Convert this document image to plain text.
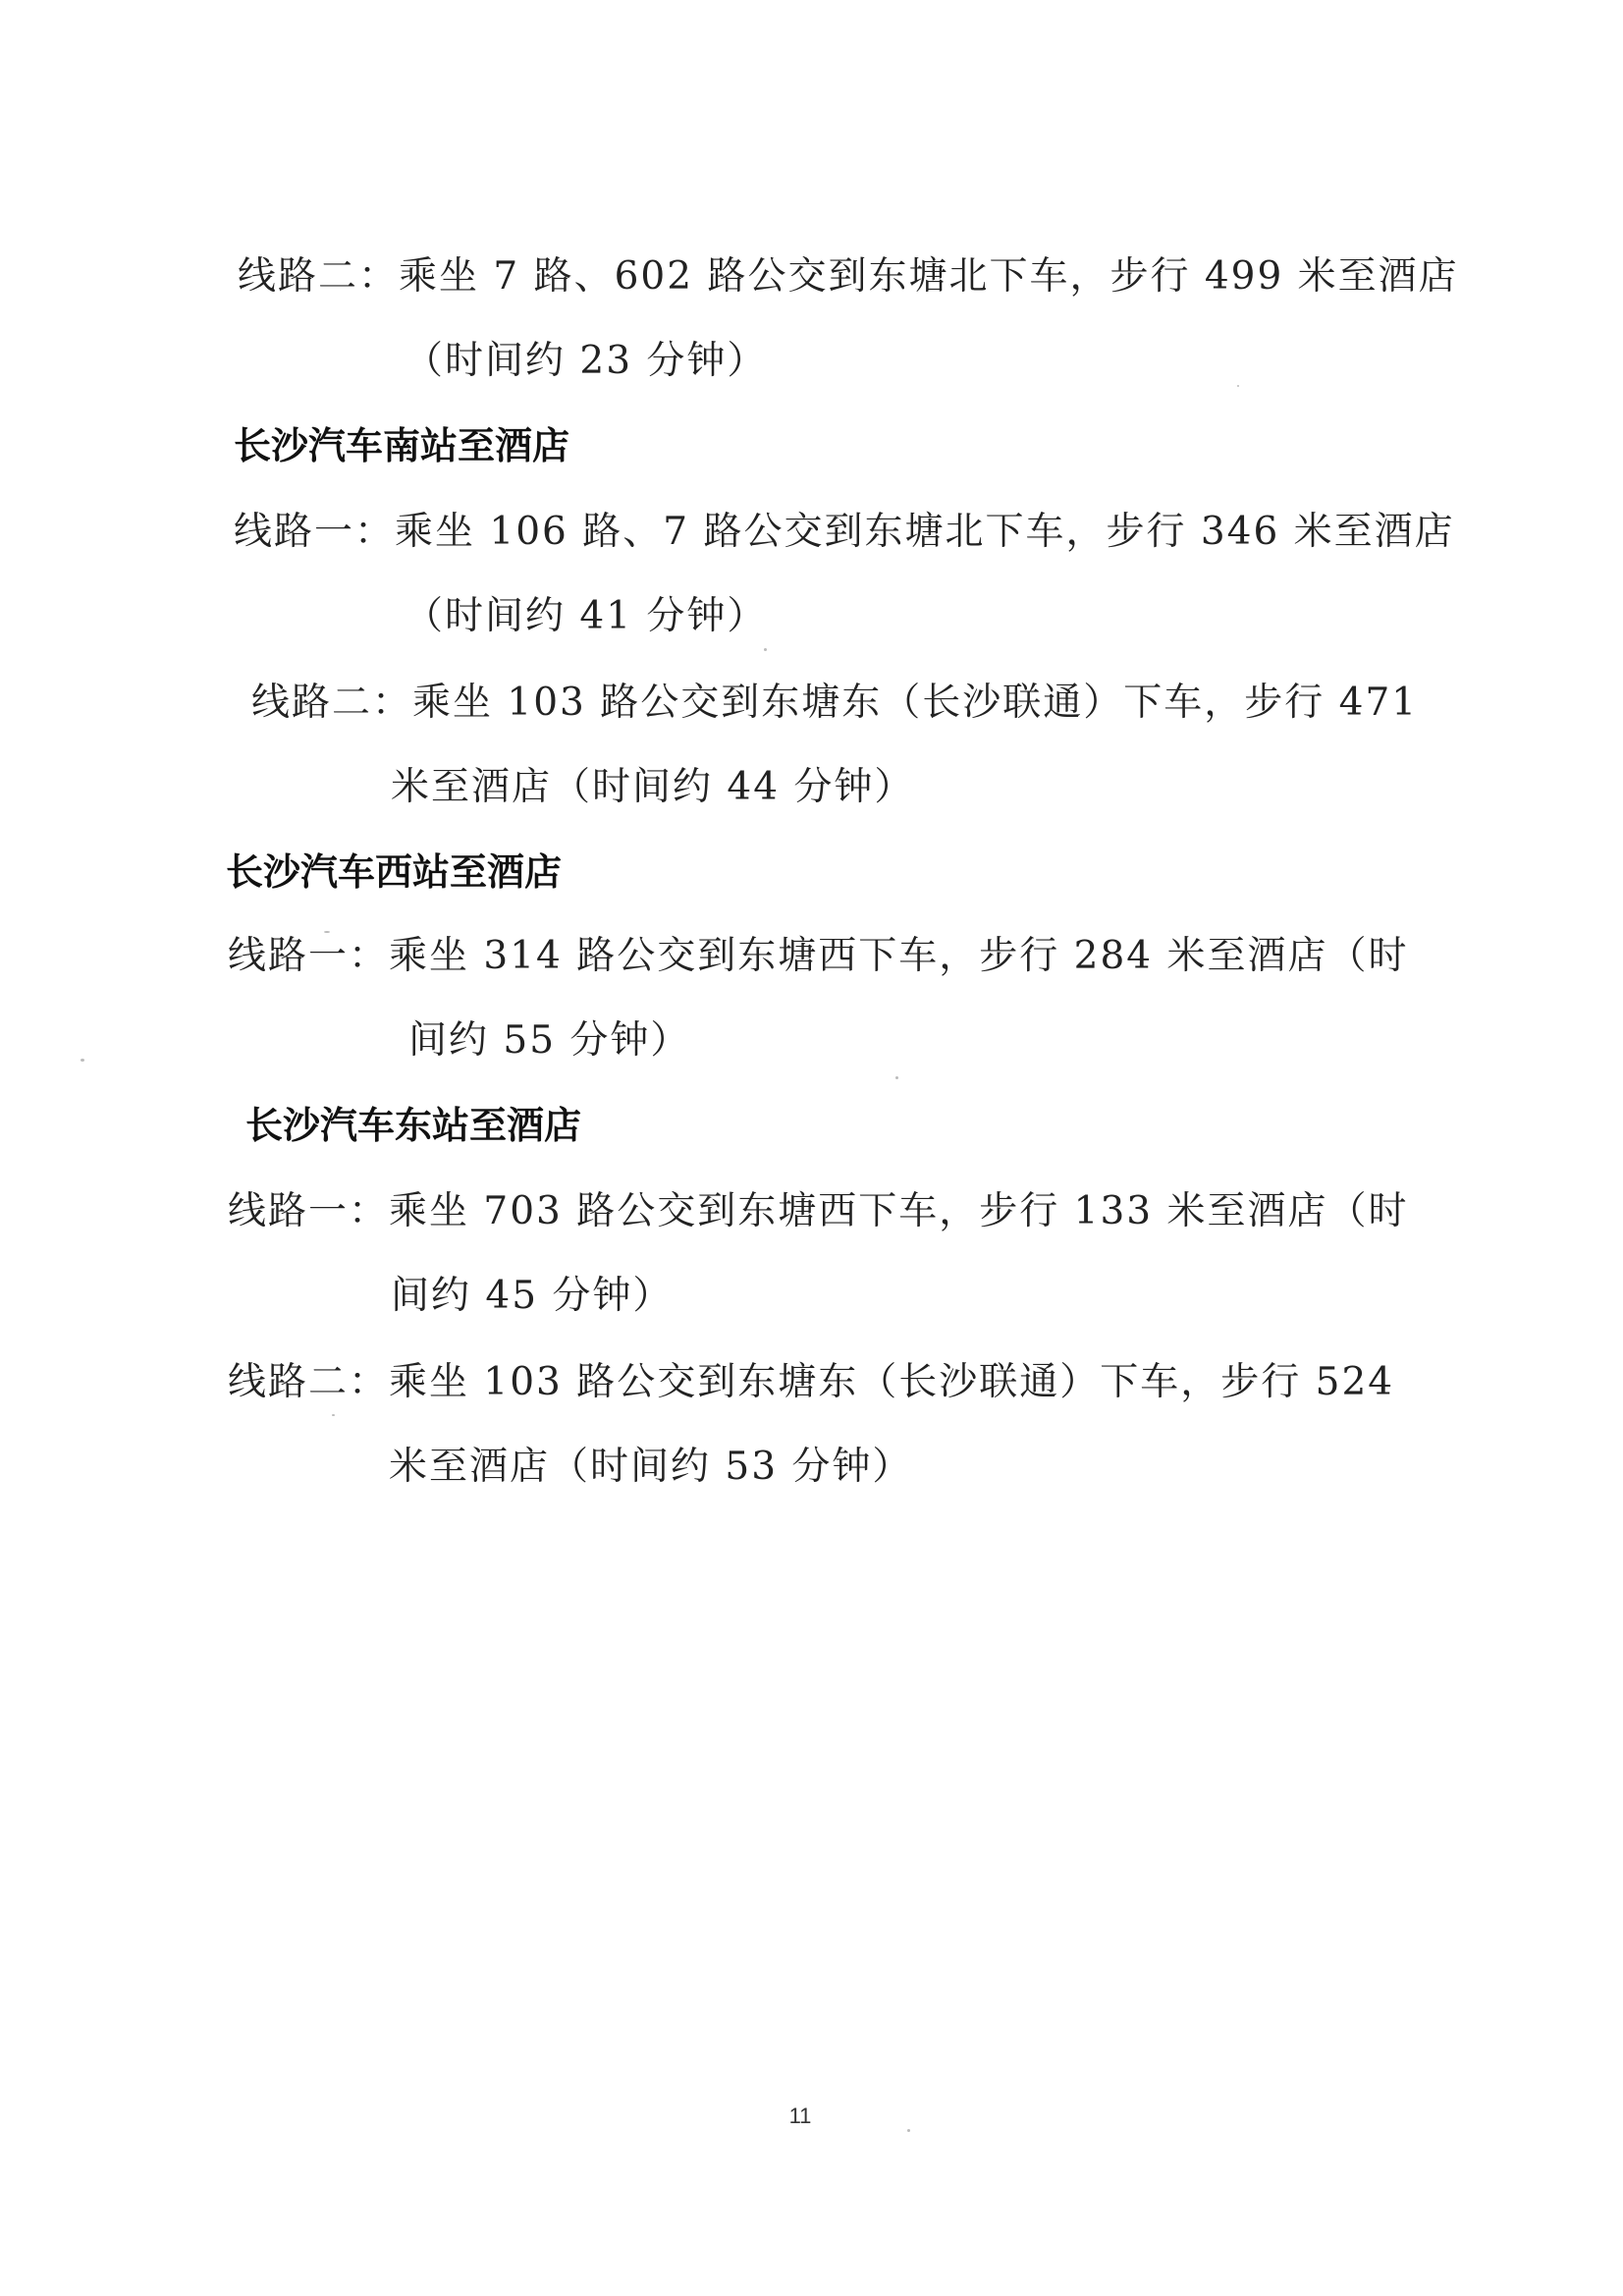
线路二：乘坐 7 路、602 路公交到东塘北下车，步行 499 米至酒店
（时间约 23 分钟）
长沙汽车南站至酒店
线路一：乘坐 106 路、7 路公交到东塘北下车，步行 346 米至酒店
（时间约 41 分钟）
线路二：乘坐 103 路公交到东塘东（长沙联通）下车，步行 471
米至酒店（时间约 44 分钟）
长沙汽车西站至酒店
线路一：乘坐 314 路公交到东塘西下车，步行 284 米至酒店（时
间约 55 分钟）
长沙汽车东站至酒店
线路一：乘坐 703 路公交到东塘西下车，步行 133 米至酒店（时
间约 45 分钟）
线路二：乘坐 103 路公交到东塘东（长沙联通）下车，步行 524
米至酒店（时间约 53 分钟）
11
